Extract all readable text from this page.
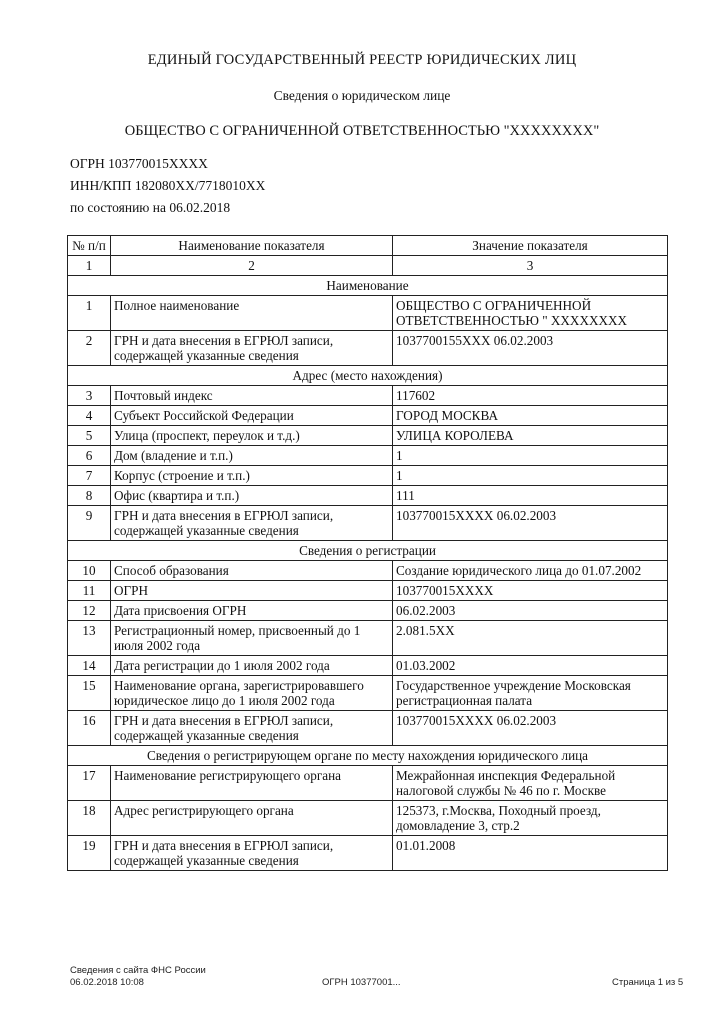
ЕДИНЫЙ ГОСУДАРСТВЕННЫЙ РЕЕСТР ЮРИДИЧЕСКИХ ЛИЦ
Сведения о юридическом лице
ОБЩЕСТВО С ОГРАНИЧЕННОЙ ОТВЕТСТВЕННОСТЬЮ "XXXXXXXX"
ОГРН 103770015XXXX
ИНН/КПП 182080XX/7718010XX
по состоянию на 06.02.2018
№ п/п	Наименование показателя	Значение показателя
1	2	3
Наименование		
1	Полное наименование	ОБЩЕСТВО С ОГРАНИЧЕННОЙ ОТВЕТСТВЕННОСТЬЮ " XXXXXXXX
2	ГРН и дата внесения в ЕГРЮЛ записи, содержащей указанные сведения	1037700155XXX 06.02.2003
Адрес (место нахождения)		
3	Почтовый индекс	117602
4	Субъект Российской Федерации	ГОРОД МОСКВА
5	Улица (проспект, переулок и т.д.)	УЛИЦА КОРОЛЕВА
6	Дом (владение и т.п.)	1
7	Корпус (строение и т.п.)	1
8	Офис (квартира и т.п.)	111
9	ГРН и дата внесения в ЕГРЮЛ записи, содержащей указанные сведения	103770015XXXX 06.02.2003
Сведения о регистрации		
10	Способ образования	Создание юридического лица до 01.07.2002
11	ОГРН	103770015XXXX
12	Дата присвоения ОГРН	06.02.2003
13	Регистрационный номер, присвоенный до 1 июля 2002 года	2.081.5XX
14	Дата регистрации до 1 июля 2002 года	01.03.2002
15	Наименование органа, зарегистрировавшего юридическое лицо до 1 июля 2002 года	Государственное учреждение Московская регистрационная палата
16	ГРН и дата внесения в ЕГРЮЛ записи, содержащей указанные сведения	103770015XXXX 06.02.2003
Сведения о регистрирующем органе по месту нахождения юридического лица		
17	Наименование регистрирующего органа	Межрайонная инспекция Федеральной налоговой службы № 46 по г. Москве
18	Адрес регистрирующего органа	125373, г.Москва, Походный проезд, домовладение 3, стр.2
19	ГРН и дата внесения в ЕГРЮЛ записи, содержащей указанные сведения	01.01.2008
Сведения с сайта ФНС России
06.02.2018 10:08	ОГРН 10377001...	Страница 1 из 5
